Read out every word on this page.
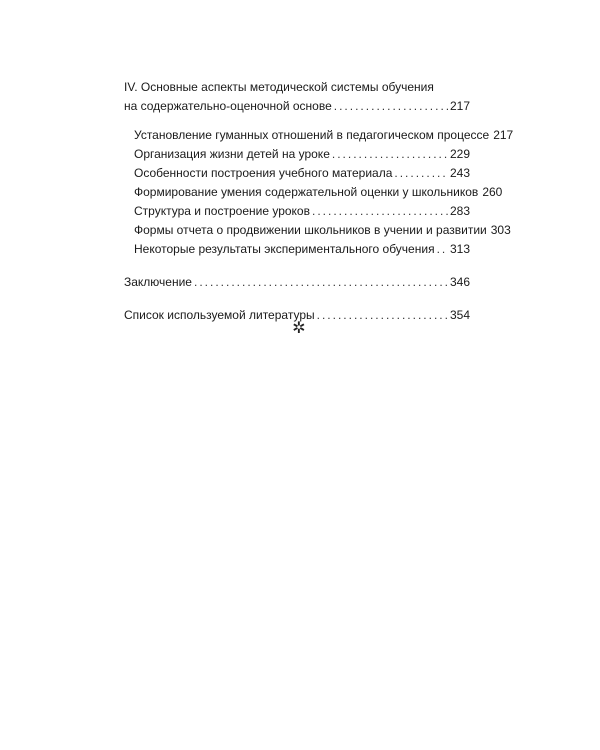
IV. Основные аспекты методической системы обучения
на содержательно-оценочной основе .....	217
Установление гуманных отношений в педагогическом процессе 217
Организация жизни детей на уроке .....	229
Особенности построения учебного материала .....	243
Формирование умения содержательной оценки у школьников 260
Структура и построение уроков .....	283
Формы отчета о продвижении школьников в учении и развитии 303
Некоторые результаты экспериментального обучения ..... 313
Заключение .....	346
Список используемой литературы .....	354
✲
